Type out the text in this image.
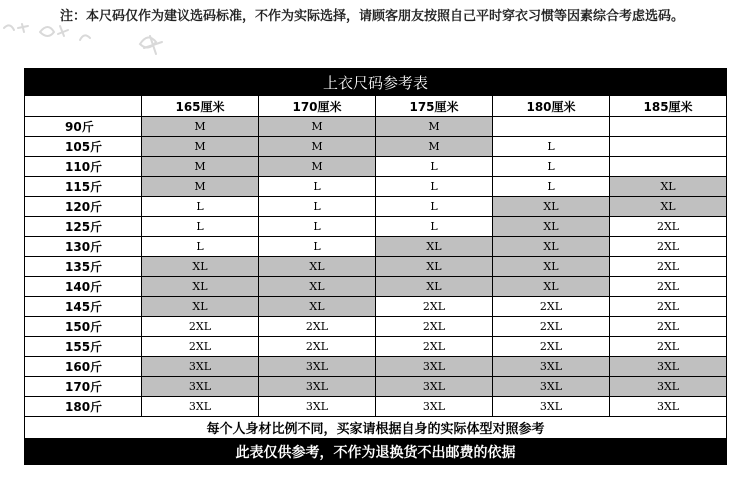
注：本尺码仅作为建议选码标准，不作为实际选择，请顾客朋友按照自己平时穿衣习惯等因素综合考虑选码。
上衣尺码参考表					
	165厘米	170厘米	175厘米	180厘米	185厘米
90斤	M	M	M		
105斤	M	M	M	L	
110斤	M	M	L	L	
115斤	M	L	L	L	XL
120斤	L	L	L	XL	XL
125斤	L	L	L	XL	2XL
130斤	L	L	XL	XL	2XL
135斤	XL	XL	XL	XL	2XL
140斤	XL	XL	XL	XL	2XL
145斤	XL	XL	2XL	2XL	2XL
150斤	2XL	2XL	2XL	2XL	2XL
155斤	2XL	2XL	2XL	2XL	2XL
160斤	3XL	3XL	3XL	3XL	3XL
170斤	3XL	3XL	3XL	3XL	3XL
180斤	3XL	3XL	3XL	3XL	3XL
每个人身材比例不同，买家请根据自身的实际体型对照参考					
此表仅供参考，不作为退换货不出邮费的依据					
